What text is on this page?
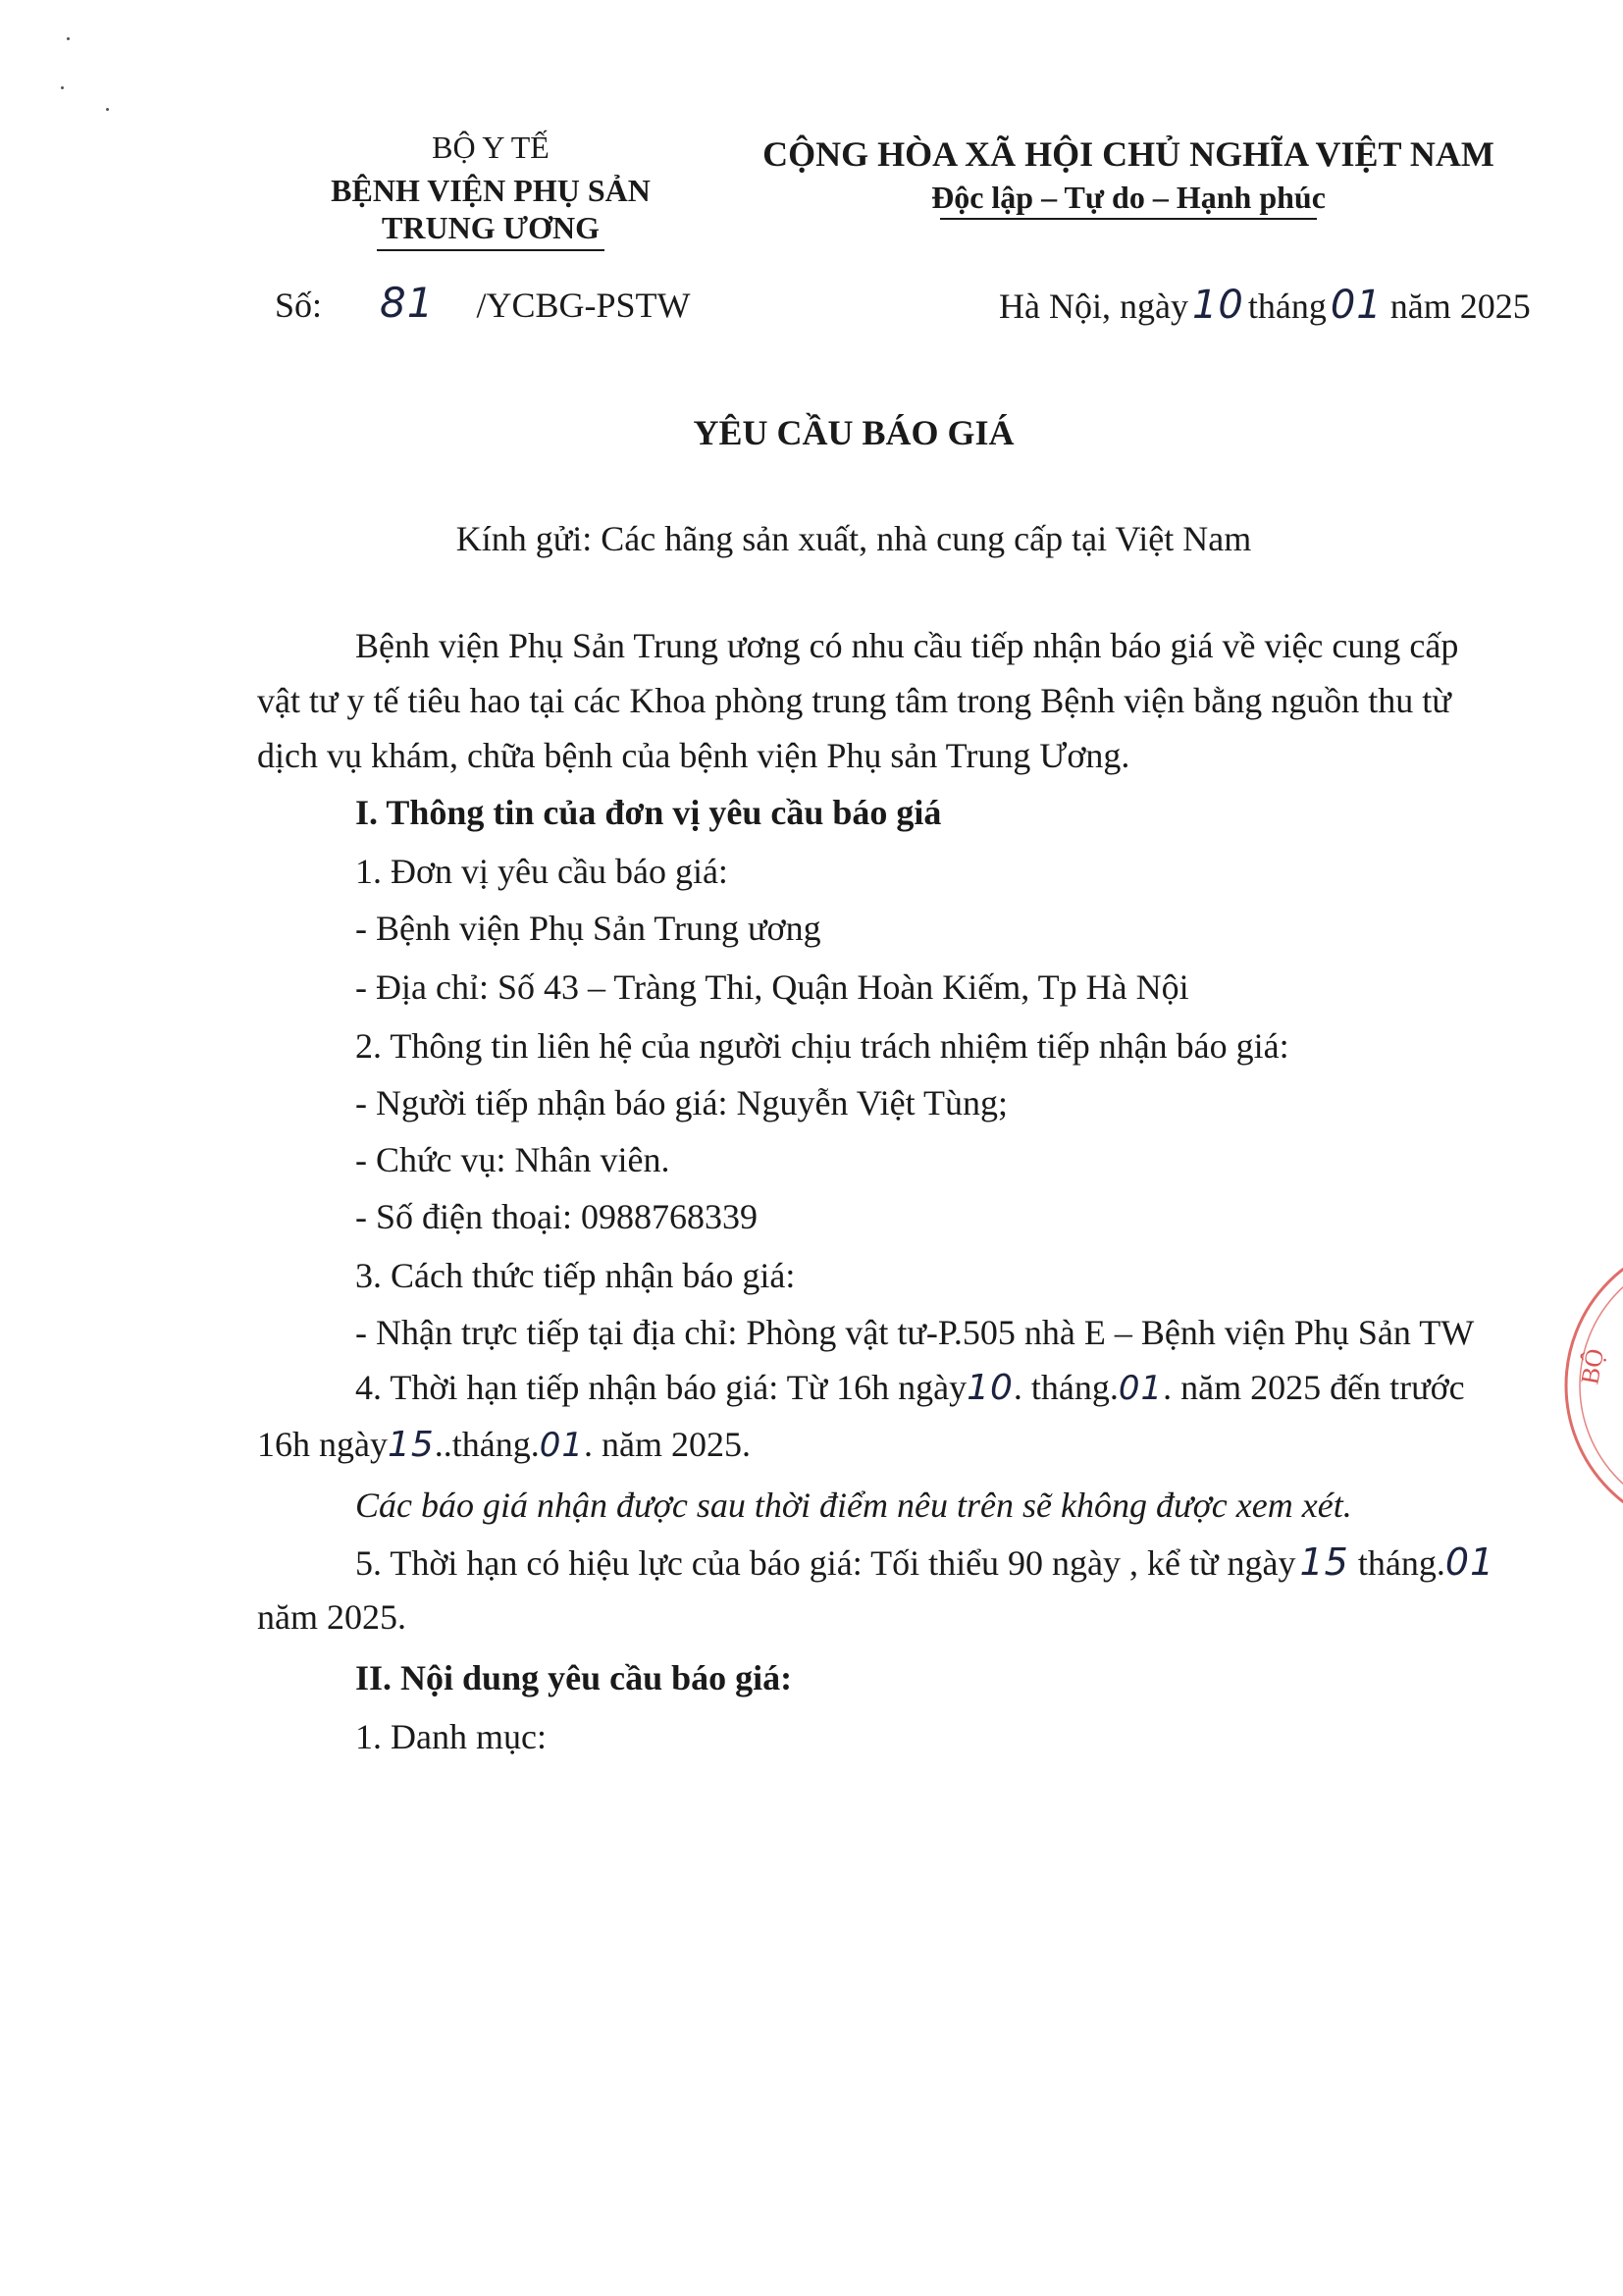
BỘ Y TẾ
BỆNH VIỆN PHỤ SẢN
TRUNG ƯƠNG
CỘNG HÒA XÃ HỘI CHỦ NGHĨA VIỆT NAM
Độc lập – Tự do – Hạnh phúc
Số: 81 /YCBG-PSTW	Hà Nội, ngày 10 tháng 01 năm 2025
YÊU CẦU BÁO GIÁ
Kính gửi: Các hãng sản xuất, nhà cung cấp tại Việt Nam
Bệnh viện Phụ Sản Trung ương có nhu cầu tiếp nhận báo giá về việc cung cấp
vật tư y tế tiêu hao tại các Khoa phòng trung tâm trong Bệnh viện bằng nguồn thu từ
dịch vụ khám, chữa bệnh của bệnh viện Phụ sản Trung Ương.
I. Thông tin của đơn vị yêu cầu báo giá
1. Đơn vị yêu cầu báo giá:
- Bệnh viện Phụ Sản Trung ương
- Địa chỉ: Số 43 – Tràng Thi, Quận Hoàn Kiếm, Tp Hà Nội
2. Thông tin liên hệ của người chịu trách nhiệm tiếp nhận báo giá:
- Người tiếp nhận báo giá: Nguyễn Việt Tùng;
- Chức vụ: Nhân viên.
- Số điện thoại: 0988768339
3. Cách thức tiếp nhận báo giá:
- Nhận trực tiếp tại địa chỉ: Phòng vật tư-P.505 nhà E – Bệnh viện Phụ Sản TW
4. Thời hạn tiếp nhận báo giá: Từ 16h ngày10. tháng.01. năm 2025 đến trước
16h ngày15..tháng.01. năm 2025.
Các báo giá nhận được sau thời điểm nêu trên sẽ không được xem xét.
5. Thời hạn có hiệu lực của báo giá: Tối thiểu 90 ngày , kể từ ngày 15 tháng.01
năm 2025.
II. Nội dung yêu cầu báo giá:
1. Danh mục:
BỘ
